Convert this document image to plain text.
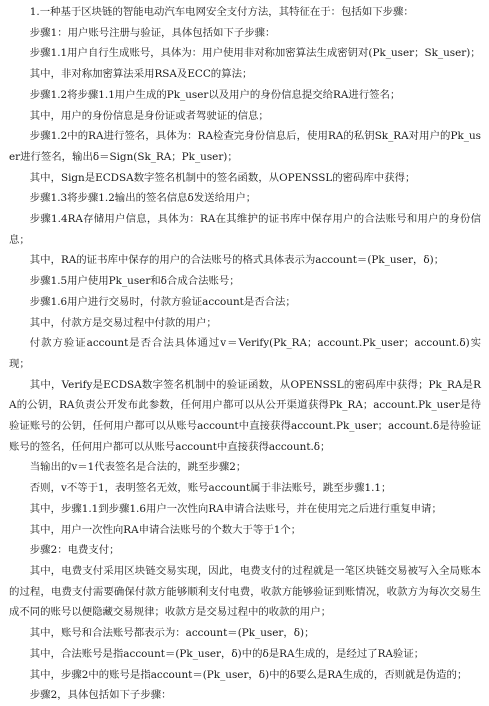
1.一种基于区块链的智能电动汽车电网安全支付方法，其特征在于：包括如下步骤：

步骤1：用户账号注册与验证，具体包括如下子步骤：

步骤1.1用户自行生成账号，具体为：用户使用非对称加密算法生成密钥对(Pk_user；Sk_user)；

其中，非对称加密算法采用RSA及ECC的算法；

步骤1.2将步骤1.1用户生成的Pk_user以及用户的身份信息提交给RA进行签名；

其中，用户的身份信息是身份证或者驾驶证的信息；

步骤1.2中的RA进行签名，具体为：RA检查完身份信息后，使用RA的私钥Sk_RA对用户的Pk_user进行签名，输出δ＝Sign(Sk_RA；Pk_user)；

其中，Sign是ECDSA数字签名机制中的签名函数，从OPENSSL的密码库中获得；

步骤1.3将步骤1.2输出的签名信息δ发送给用户；

步骤1.4RA存储用户信息，具体为：RA在其维护的证书库中保存用户的合法账号和用户的身份信息；

其中，RA的证书库中保存的用户的合法账号的格式具体表示为account＝(Pk_user，δ)；

步骤1.5用户使用Pk_user和δ合成合法账号；

步骤1.6用户进行交易时，付款方验证account是否合法；

其中，付款方是交易过程中付款的用户；

付款方验证account是否合法具体通过v＝Verify(Pk_RA；account.Pk_user；account.δ)实现；

其中，Verify是ECDSA数字签名机制中的验证函数，从OPENSSL的密码库中获得；Pk_RA是RA的公钥，RA负责公开发布此参数，任何用户都可以从公开渠道获得Pk_RA；account.Pk_user是待验证账号的公钥，任何用户都可以从账号account中直接获得account.Pk_user；account.δ是待验证账号的签名，任何用户都可以从账号account中直接获得account.δ；

当输出的v＝1代表签名是合法的，跳至步骤2；

否则，v不等于1，表明签名无效，账号account属于非法账号，跳至步骤1.1；

其中，步骤1.1到步骤1.6用户一次性向RA申请合法账号，并在使用完之后进行重复申请；

其中，用户一次性向RA申请合法账号的个数大于等于1个；

步骤2：电费支付；

其中，电费支付采用区块链交易实现，因此，电费支付的过程就是一笔区块链交易被写入全局账本的过程，电费支付需要确保付款方能够顺利支付电费，收款方能够验证到账情况，收款方为每次交易生成不同的账号以便隐藏交易规律；收款方是交易过程中的收款的用户；

其中，账号和合法账号都表示为：account＝(Pk_user，δ)；

其中，合法账号是指account＝(Pk_user，δ)中的δ是RA生成的，是经过了RA验证；

其中，步骤2中的账号是指account＝(Pk_user，δ)中的δ要么是RA生成的，否则就是伪造的；

步骤2，具体包括如下子步骤：
